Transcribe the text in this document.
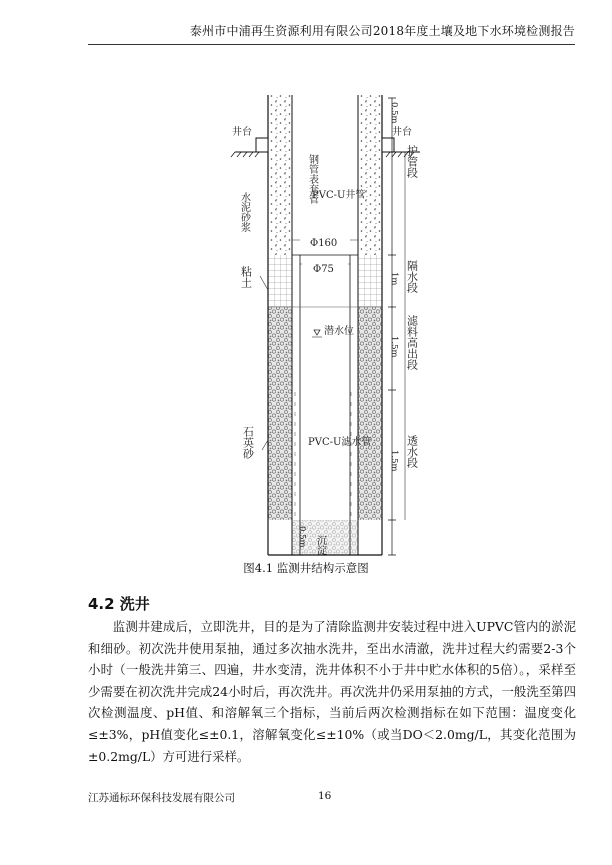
泰州市中浦再生资源利用有限公司2018年度土壤及地下水环境检测报告
井台
水泥砂浆
粘土
石英砂
钢管表套管
PVC-U井管
Φ160
Φ75
潜水位
PVC-U滤水管
沉淀
井台
护管段
隔水段
滤料高出段
透水段
0.5m
1m
1.5m
1.5m
0.5m
图4.1 监测井结构示意图
4.2 洗井

监测井建成后，立即洗井，目的是为了清除监测井安装过程中进入UPVC管内的淤泥和细砂。初次洗井使用泵抽，通过多次抽水洗井，至出水清澈，洗井过程大约需要2-3个小时（一般洗井第三、四遍，井水变清，洗井体积不小于井中贮水体积的5倍）。，采样至少需要在初次洗井完成24小时后，再次洗井。再次洗井仍采用泵抽的方式，一般洗至第四次检测温度、pH值、和溶解氧三个指标，当前后两次检测指标在如下范围：温度变化≤±3%，pH值变化≤±0.1，溶解氧变化≤±10%（或当DO＜2.0mg/L，其变化范围为±0.2mg/L）方可进行采样。

江苏通标环保科技发展有限公司	16
